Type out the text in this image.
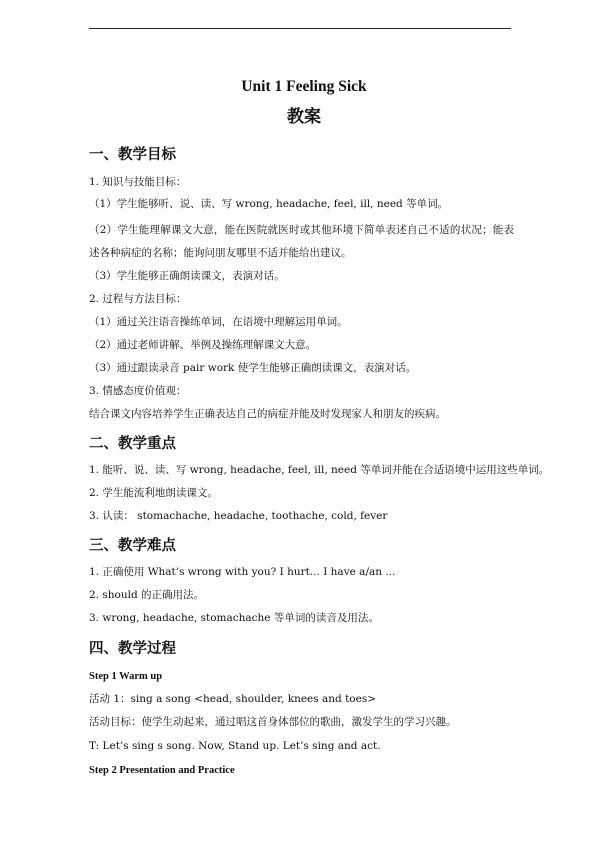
Unit 1 Feeling Sick

教案

一、教学目标

1. 知识与技能目标：

（1）学生能够听、说、读、写 wrong, headache, feel, ill, need 等单词。

（2）学生能理解课文大意，能在医院就医时或其他环境下简单表述自己不适的状况；能表述各种病症的名称；能询问朋友哪里不适并能给出建议。

（3）学生能够正确朗读课文，表演对话。

2. 过程与方法目标：

（1）通过关注语音操练单词，在语境中理解运用单词。

（2）通过老师讲解、举例及操练理解课文大意。

（3）通过跟读录音 pair work 使学生能够正确朗读课文，表演对话。

3. 情感态度价值观：

结合课文内容培养学生正确表达自己的病症并能及时发现家人和朋友的疾病。

二、教学重点

1. 能听、说、读、写 wrong, headache, feel, ill, need 等单词并能在合适语境中运用这些单词。

2. 学生能流利地朗读课文。

3. 认读： stomachache, headache, toothache, cold, fever

三、教学难点

1. 正确使用 What’s wrong with you? I hurt... I have a/an ...

2. should 的正确用法。

3. wrong, headache, stomachache 等单词的读音及用法。

四、教学过程

Step 1 Warm up

活动 1：sing a song <head, shoulder, knees and toes>

活动目标：使学生动起来，通过唱这首身体部位的歌曲，激发学生的学习兴趣。

T: Let’s sing s song. Now, Stand up. Let’s sing and act.

Step 2 Presentation and Practice
